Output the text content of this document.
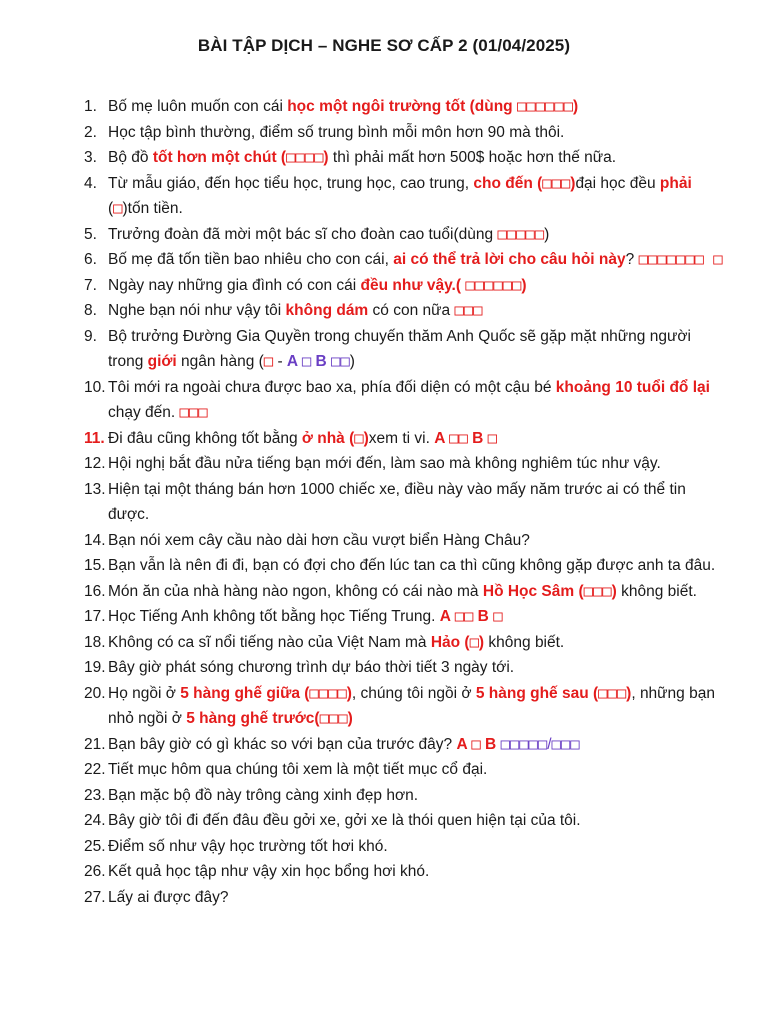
BÀI TẬP DỊCH – NGHE SƠ CẤP 2 (01/04/2025)
1. Bố mẹ luôn muốn con cái học một ngôi trường tốt (dùng □□□□□□)
2. Học tập bình thường, điểm số trung bình mỗi môn hơn 90 mà thôi.
3. Bộ đồ tốt hơn một chút (□□□□) thì phải mất hơn 500$ hoặc hơn thế nữa.
4. Từ mẫu giáo, đến học tiểu học, trung học, cao trung, cho đến (□□□)đại học đều phải (□)tốn tiền.
5. Trưởng đoàn đã mời một bác sĩ cho đoàn cao tuổi(dùng □□□□□)
6. Bố mẹ đã tốn tiền bao nhiêu cho con cái, ai có thể trả lời cho câu hỏi này? □□□□□□□ □
7. Ngày nay những gia đình có con cái đều như vậy.( □□□□□□)
8. Nghe bạn nói như vậy tôi không dám có con nữa □□□
9. Bộ trưởng Đường Gia Quyền trong chuyến thăm Anh Quốc sẽ gặp mặt những người trong giới ngân hàng (□ - A □ B □□)
10. Tôi mới ra ngoài chưa được bao xa, phía đối diện có một cậu bé khoảng 10 tuổi đổ lại chạy đến. □□□
11. Đi đâu cũng không tốt bằng ở nhà (□)xem ti vi. A □□ B □
12. Hội nghị bắt đầu nửa tiếng bạn mới đến, làm sao mà không nghiêm túc như vậy.
13. Hiện tại một tháng bán hơn 1000 chiếc xe, điều này vào mấy năm trước ai có thể tin được.
14. Bạn nói xem cây cầu nào dài hơn cầu vượt biển Hàng Châu?
15. Bạn vẫn là nên đi đi, bạn có đợi cho đến lúc tan ca thì cũng không gặp được anh ta đâu.
16. Món ăn của nhà hàng nào ngon, không có cái nào mà Hồ Học Sâm (□□□) không biết.
17. Học Tiếng Anh không tốt bằng học Tiếng Trung. A □□ B □
18. Không có ca sĩ nổi tiếng nào của Việt Nam mà Hảo (□) không biết.
19. Bây giờ phát sóng chương trình dự báo thời tiết 3 ngày tới.
20. Họ ngồi ở 5 hàng ghế giữa (□□□□), chúng tôi ngồi ở 5 hàng ghế sau (□□□), những bạn nhỏ ngồi ở 5 hàng ghế trước(□□□)
21. Bạn bây giờ có gì khác so với bạn của trước đây? A □ B □□□□□/□□□
22. Tiết mục hôm qua chúng tôi xem là một tiết mục cổ đại.
23. Bạn mặc bộ đồ này trông càng xinh đẹp hơn.
24. Bây giờ tôi đi đến đâu đều gởi xe, gởi xe là thói quen hiện tại của tôi.
25. Điểm số như vậy học trường tốt hơi khó.
26. Kết quả học tập như vậy xin học bổng hơi khó.
27. Lấy ai được đây?
